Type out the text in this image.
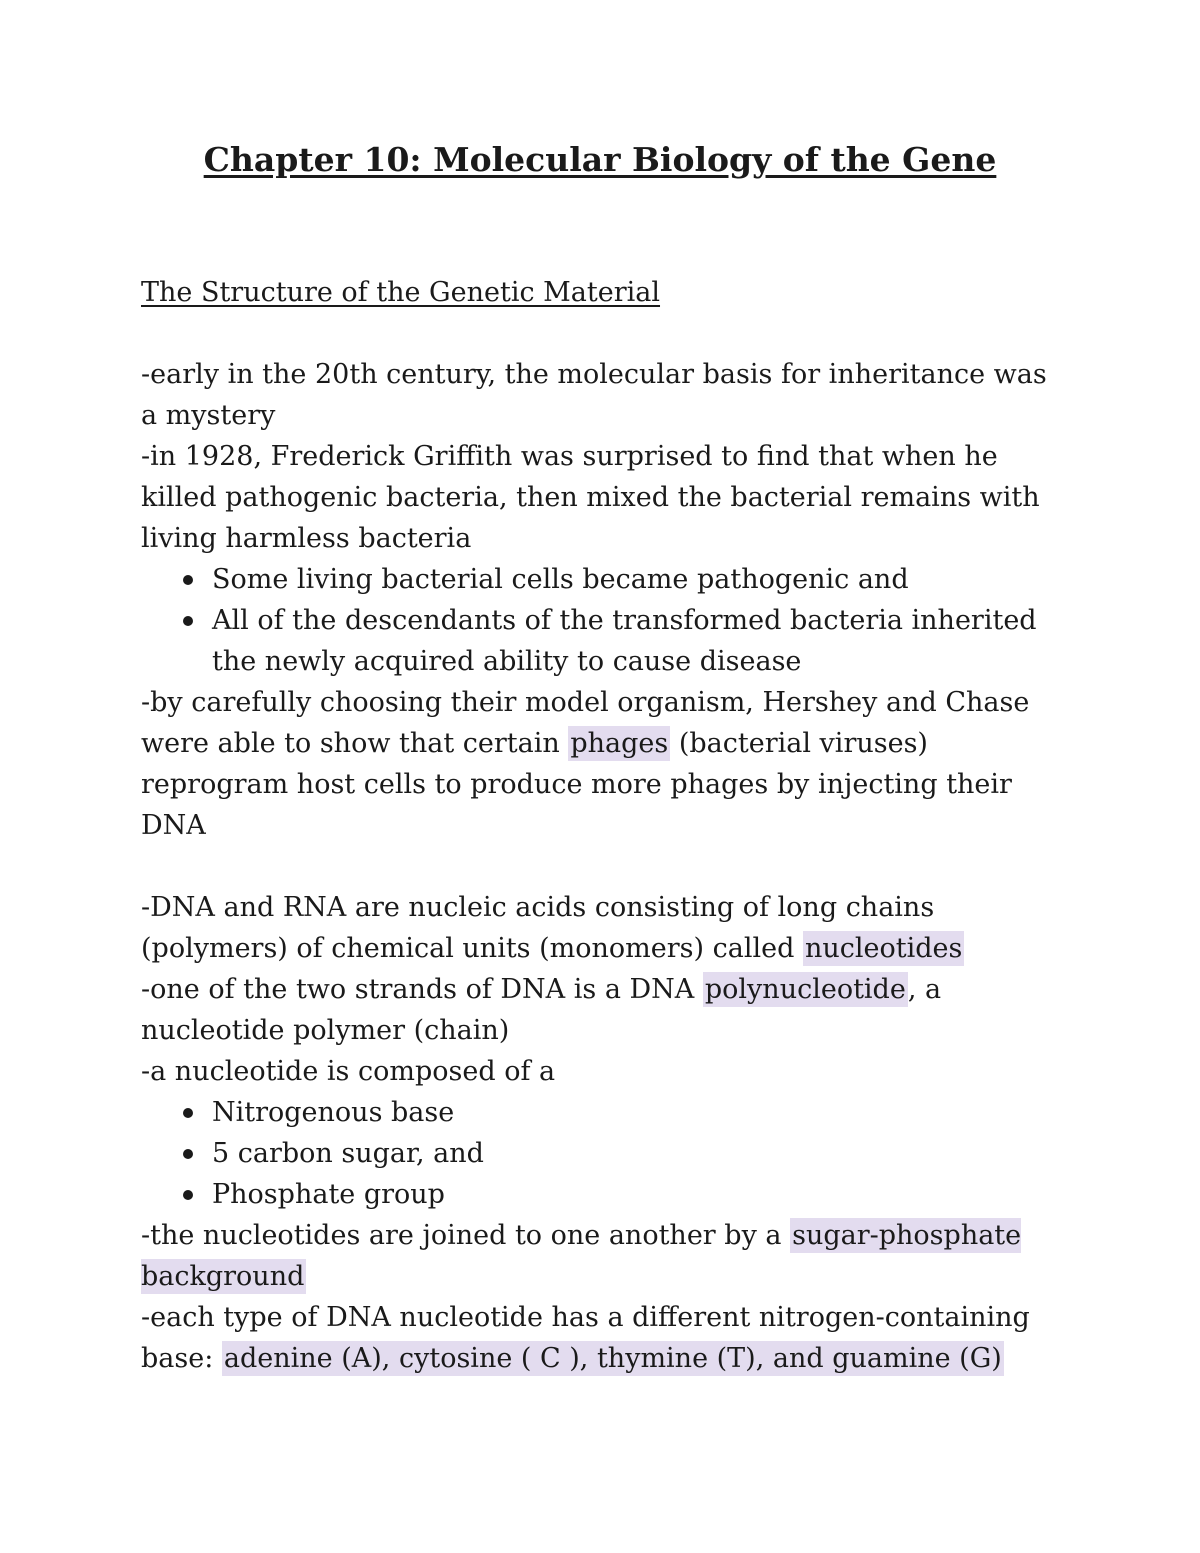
Chapter 10: Molecular Biology of the Gene
The Structure of the Genetic Material

-early in the 20th century, the molecular basis for inheritance was a mystery

-in 1928, Frederick Griffith was surprised to find that when he killed pathogenic bacteria, then mixed the bacterial remains with living harmless bacteria

Some living bacterial cells became pathogenic and
All of the descendants of the transformed bacteria inherited the newly acquired ability to cause disease

-by carefully choosing their model organism, Hershey and Chase were able to show that certain phages (bacterial viruses) reprogram host cells to produce more phages by injecting their DNA

-DNA and RNA are nucleic acids consisting of long chains (polymers) of chemical units (monomers) called nucleotides

-one of the two strands of DNA is a DNA polynucleotide, a nucleotide polymer (chain)

-a nucleotide is composed of a

Nitrogenous base
5 carbon sugar, and
Phosphate group

-the nucleotides are joined to one another by a sugar-phosphate background

-each type of DNA nucleotide has a different nitrogen-containing base: adenine (A), cytosine ( C ), thymine (T), and guamine (G)
